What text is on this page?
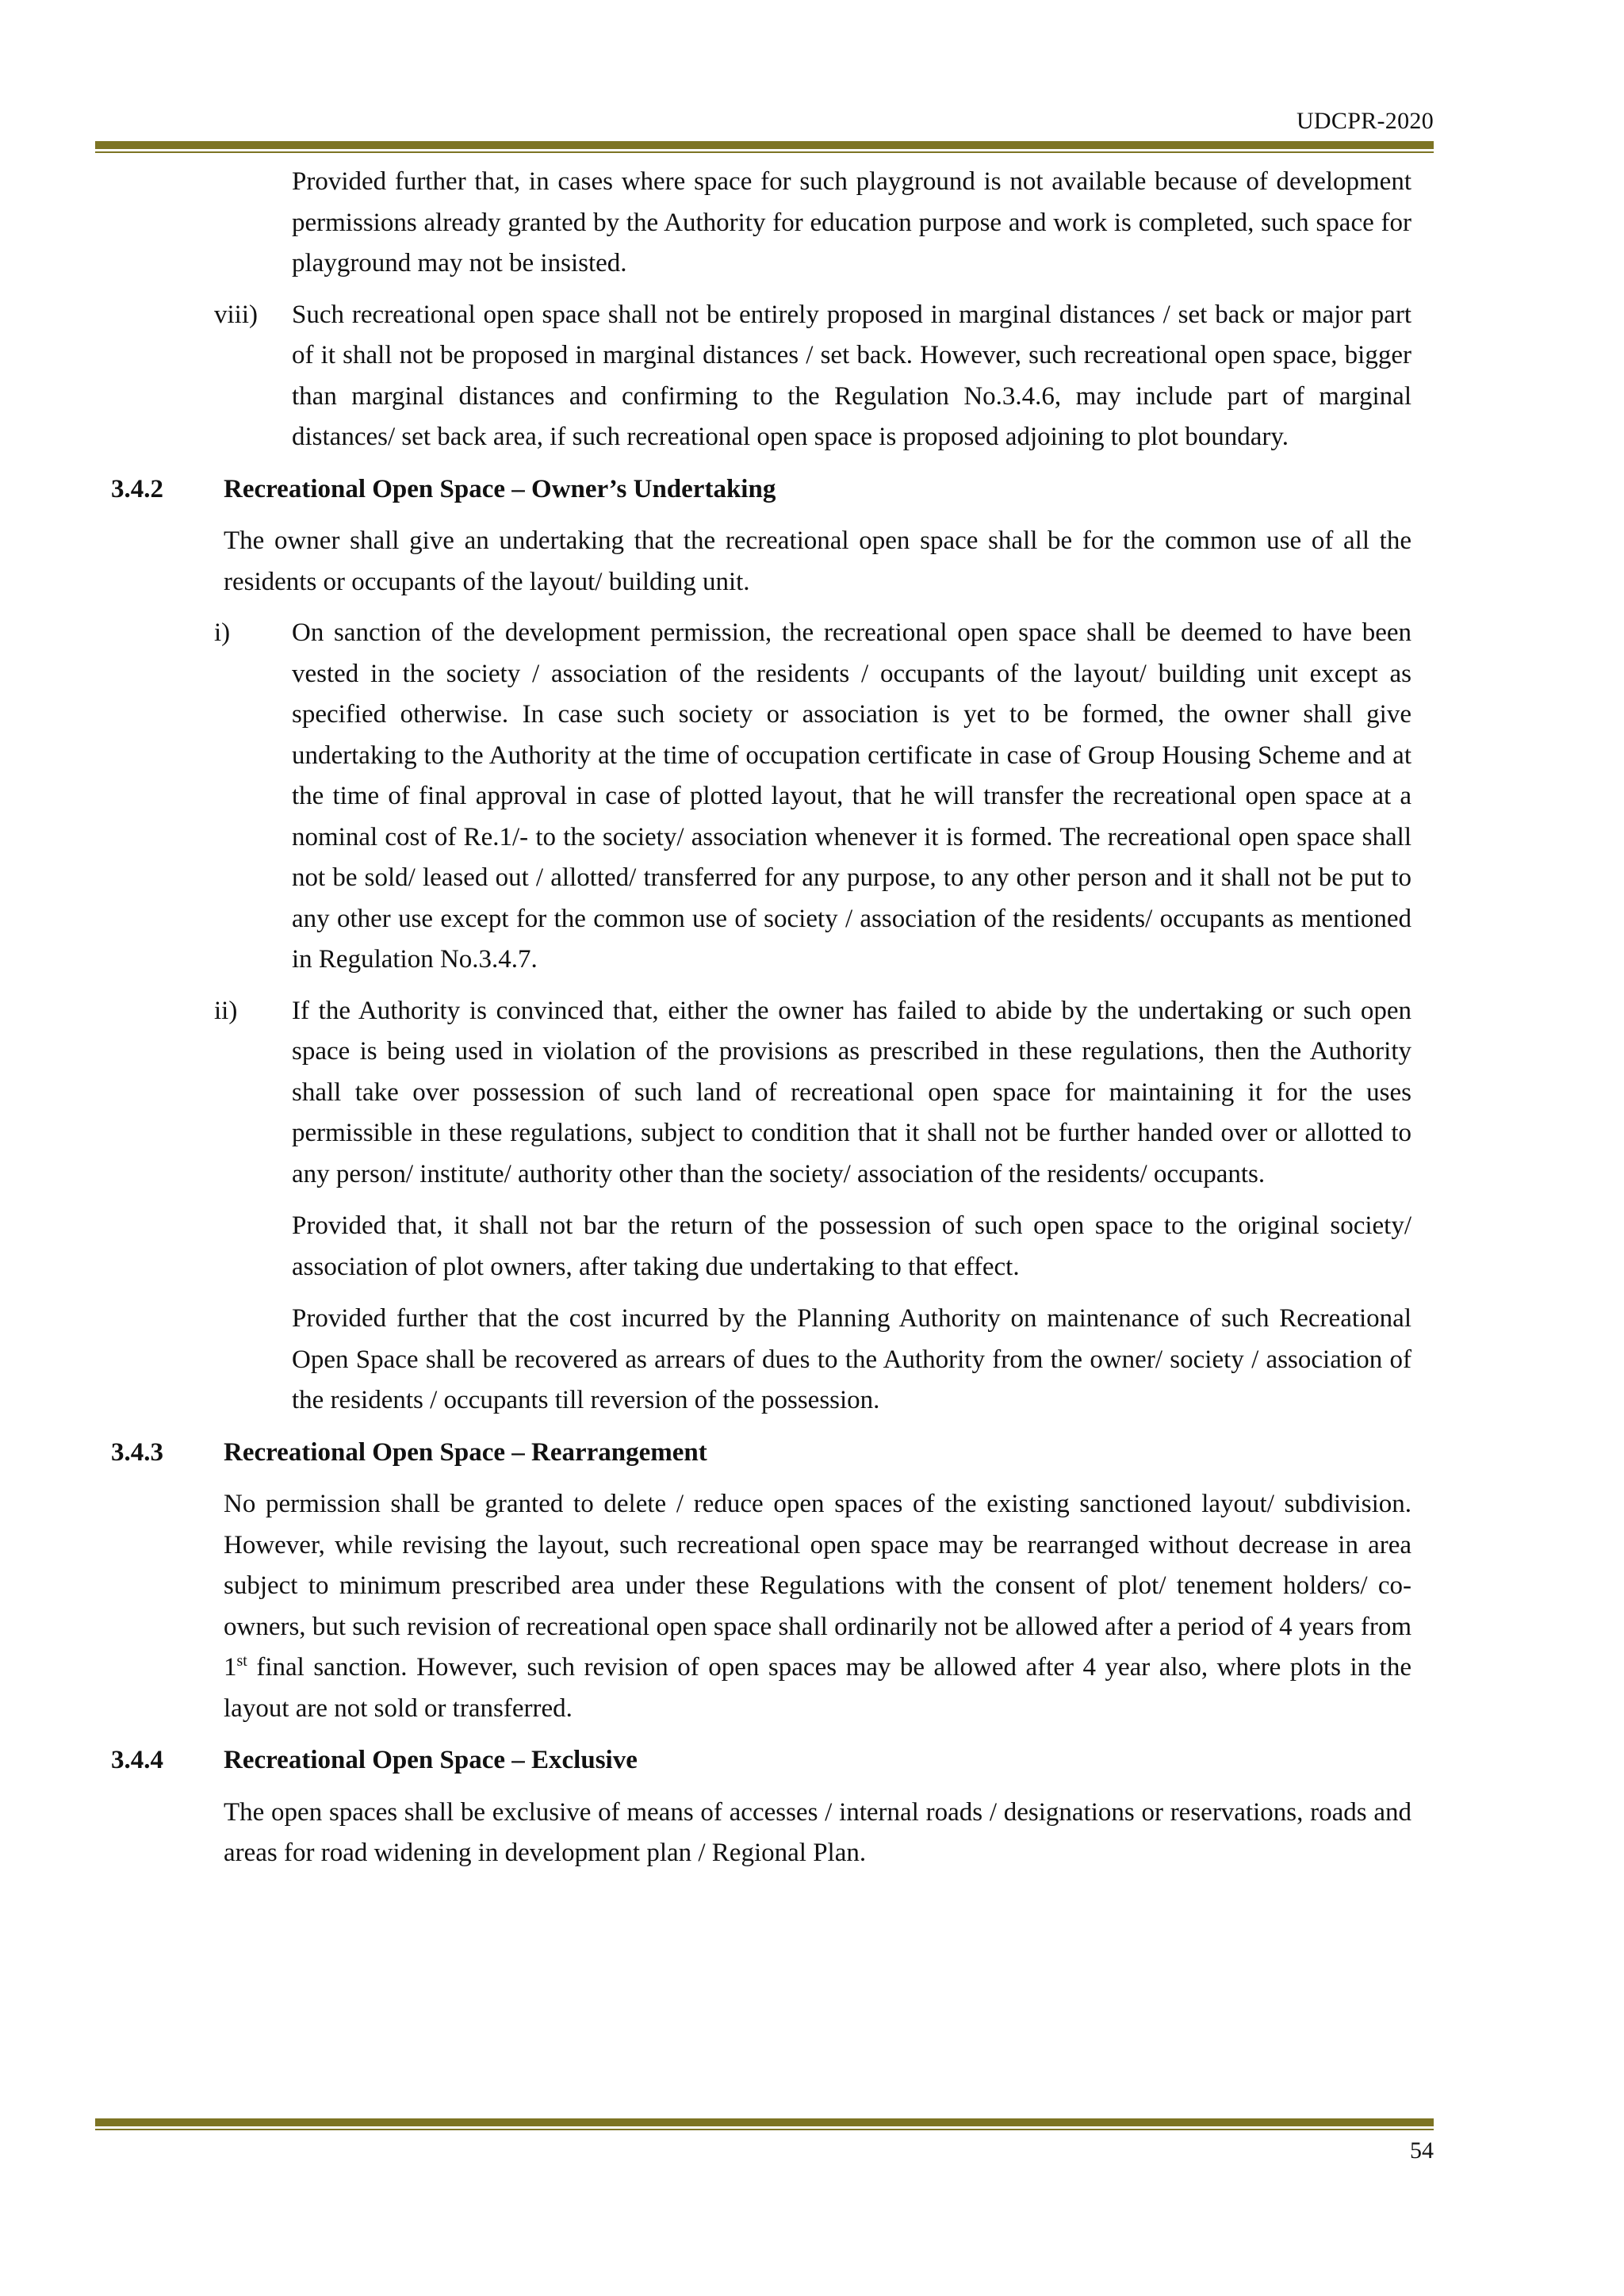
UDCPR-2020

Provided further that, in cases where space for such playground is not available because of development permissions already granted by the Authority for education purpose and work is completed, such space for playground may not be insisted.

viii)	Such recreational open space shall not be entirely proposed in marginal distances / set back or major part of it shall not be proposed in marginal distances / set back. However, such recreational open space, bigger than marginal distances and confirming to the Regulation No.3.4.6, may include part of marginal distances/ set back area, if such recreational open space is proposed adjoining to plot boundary.
3.4.2	Recreational Open Space – Owner’s Undertaking

The owner shall give an undertaking that the recreational open space shall be for the common use of all the residents or occupants of the layout/ building unit.

i)	On sanction of the development permission, the recreational open space shall be deemed to have been vested in the society / association of the residents / occupants of the layout/ building unit except as specified otherwise. In case such society or association is yet to be formed, the owner shall give undertaking to the Authority at the time of occupation certificate in case of Group Housing Scheme and at the time of final approval in case of plotted layout, that he will transfer the recreational open space at a nominal cost of Re.1/- to the society/ association whenever it is formed. The recreational open space shall not be sold/ leased out / allotted/ transferred for any purpose, to any other person and it shall not be put to any other use except for the common use of society / association of the residents/ occupants as mentioned in Regulation No.3.4.7.
ii)	If the Authority is convinced that, either the owner has failed to abide by the undertaking or such open space is being used in violation of the provisions as prescribed in these regulations, then the Authority shall take over possession of such land of recreational open space for maintaining it for the uses permissible in these regulations, subject to condition that it shall not be further handed over or allotted to any person/ institute/ authority other than the society/ association of the residents/ occupants.

Provided that, it shall not bar the return of the possession of such open space to the original society/ association of plot owners, after taking due undertaking to that effect.

Provided further that the cost incurred by the Planning Authority on maintenance of such Recreational Open Space shall be recovered as arrears of dues to the Authority from the owner/ society / association of the residents / occupants till reversion of the possession.

3.4.3	Recreational Open Space – Rearrangement

No permission shall be granted to delete / reduce open spaces of the existing sanctioned layout/ subdivision. However, while revising the layout, such recreational open space may be rearranged without decrease in area subject to minimum prescribed area under these Regulations with the consent of plot/ tenement holders/ co-owners, but such revision of recreational open space shall ordinarily not be allowed after a period of 4 years from 1st final sanction. However, such revision of open spaces may be allowed after 4 year also, where plots in the layout are not sold or transferred.

3.4.4	Recreational Open Space – Exclusive

The open spaces shall be exclusive of means of accesses / internal roads / designations or reservations, roads and areas for road widening in development plan / Regional Plan.

54
